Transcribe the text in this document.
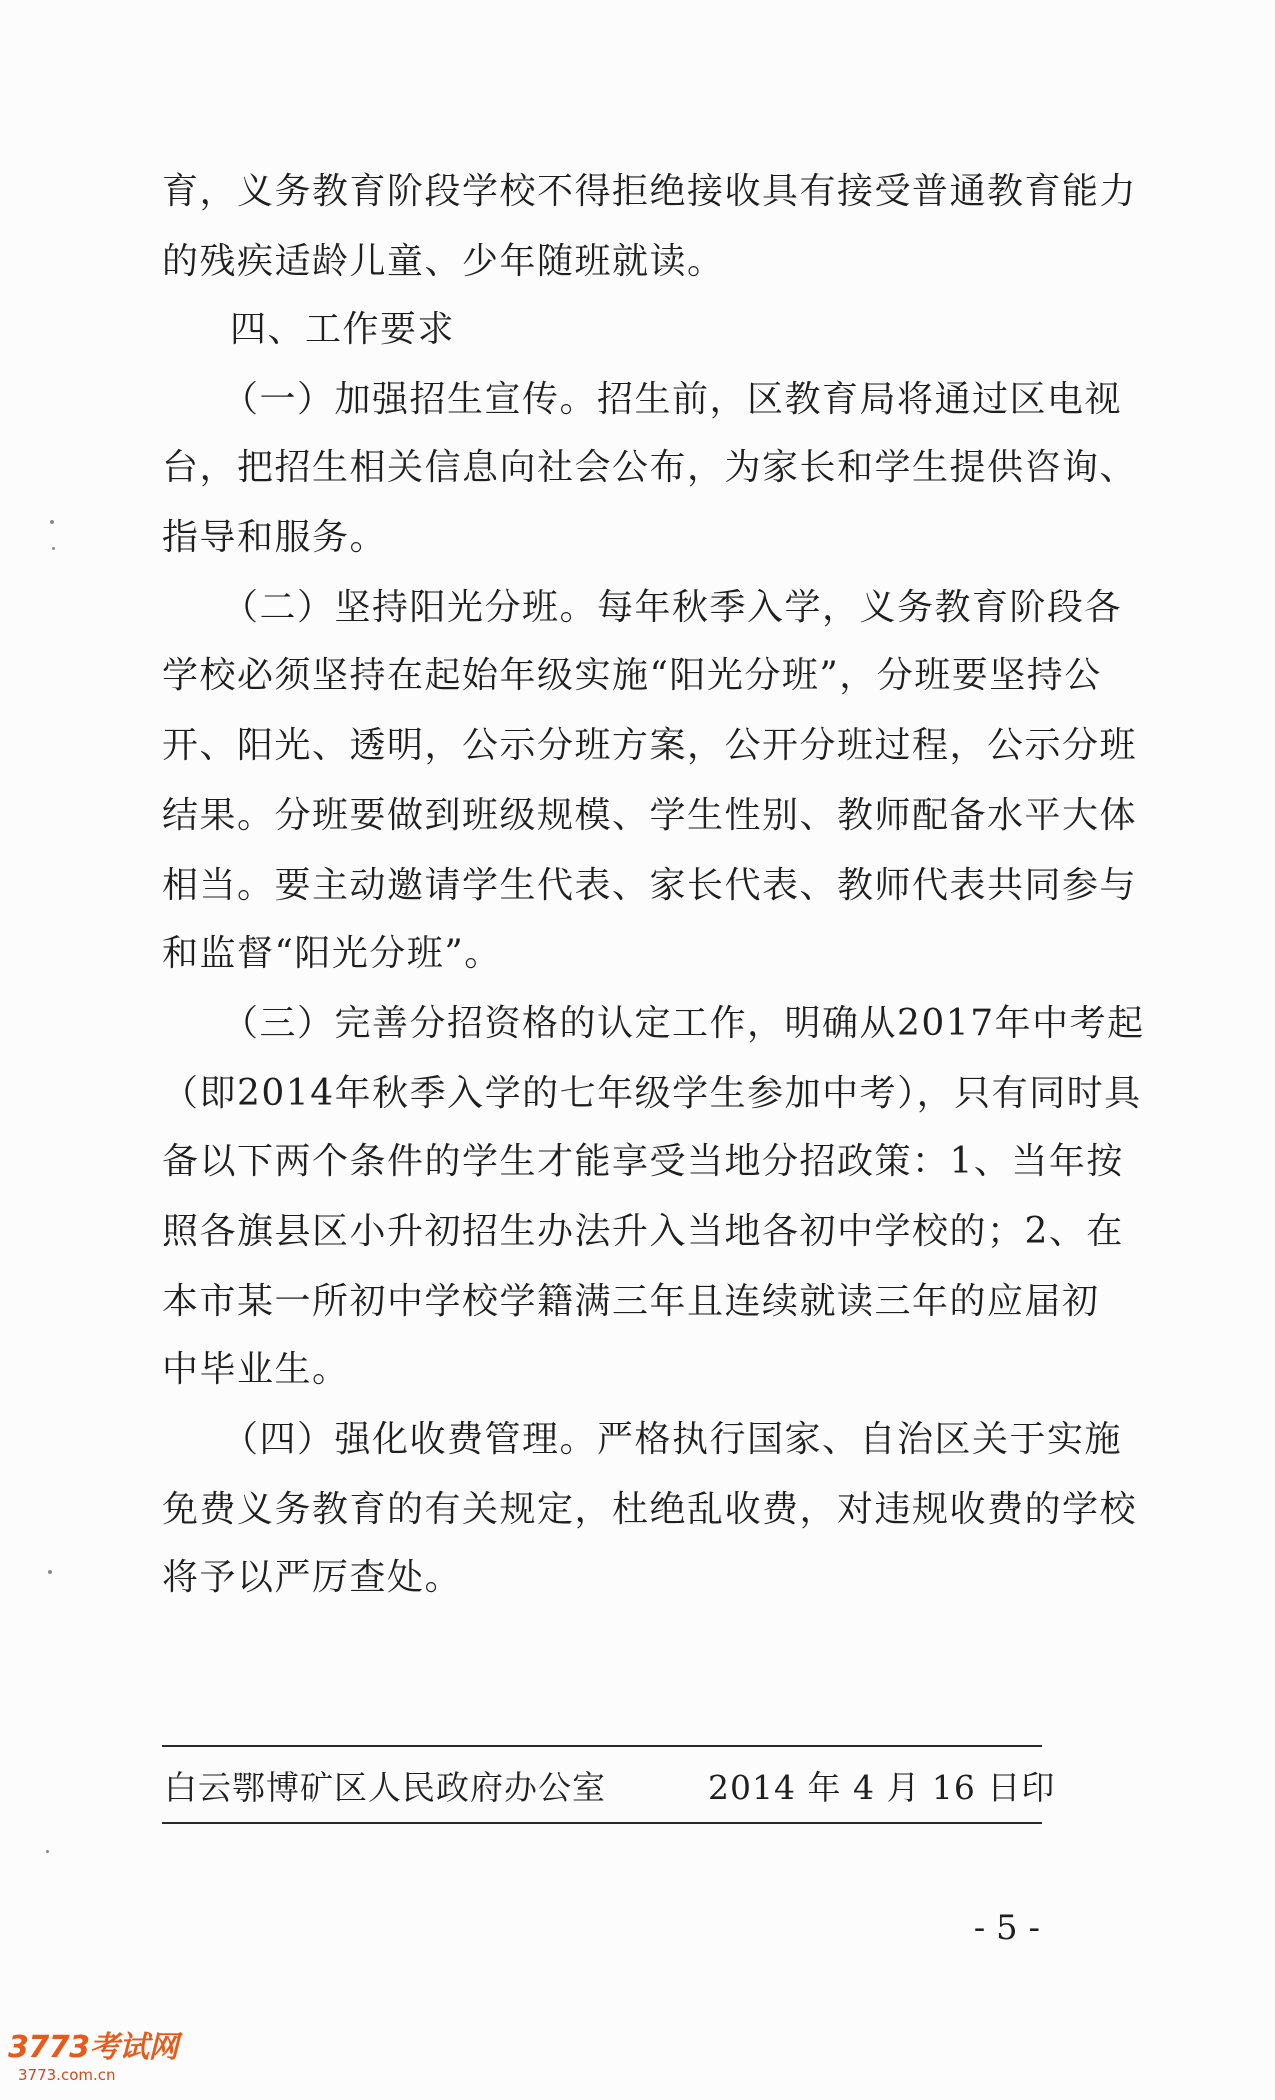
育，义务教育阶段学校不得拒绝接收具有接受普通教育能力
的残疾适龄儿童、少年随班就读。
四、工作要求
（一）加强招生宣传。招生前，区教育局将通过区电视
台，把招生相关信息向社会公布，为家长和学生提供咨询、
指导和服务。
（二）坚持阳光分班。每年秋季入学，义务教育阶段各
学校必须坚持在起始年级实施“阳光分班”，分班要坚持公
开、阳光、透明，公示分班方案，公开分班过程，公示分班
结果。分班要做到班级规模、学生性别、教师配备水平大体
相当。要主动邀请学生代表、家长代表、教师代表共同参与
和监督“阳光分班”。
（三）完善分招资格的认定工作，明确从2017年中考起
（即2014年秋季入学的七年级学生参加中考），只有同时具
备以下两个条件的学生才能享受当地分招政策：1、当年按
照各旗县区小升初招生办法升入当地各初中学校的；2、在
本市某一所初中学校学籍满三年且连续就读三年的应届初
中毕业生。
（四）强化收费管理。严格执行国家、自治区关于实施
免费义务教育的有关规定，杜绝乱收费，对违规收费的学校
将予以严厉查处。
白云鄂博矿区人民政府办公室	2014 年 4 月 16 日印
- 5 -
3773考试网
3773.com.cn
